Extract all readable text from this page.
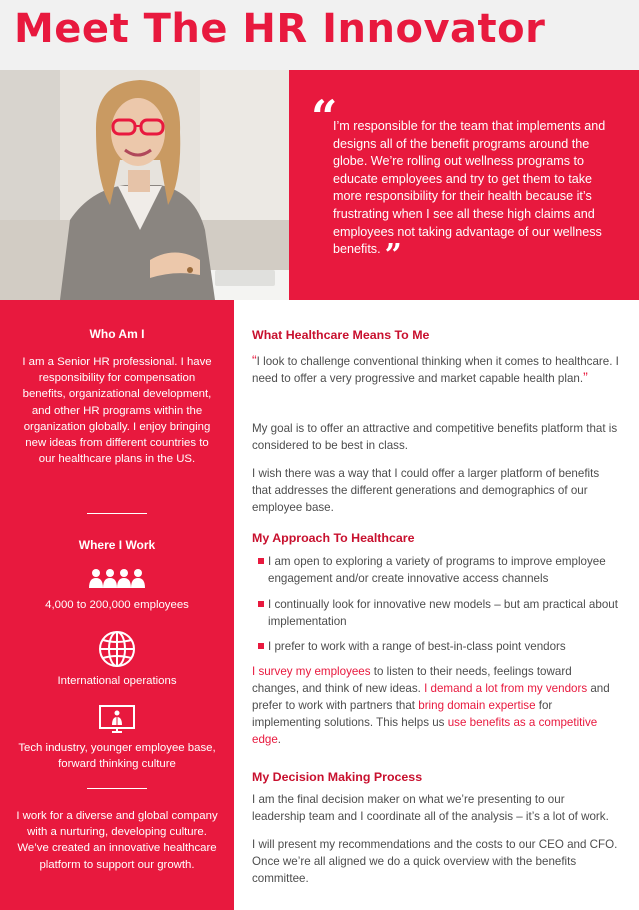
Meet The HR Innovator
“

I’m responsible for the team that implements and designs all of the benefit programs around the globe. We’re rolling out wellness programs to educate employees and try to get them to take more responsibility for their health because it’s frustrating when I see all these high claims and employees not taking advantage of our wellness benefits. ”

Who Am I
I am a Senior HR professional. I have responsibility for compensation benefits, organizational development, and other HR programs within the organization globally. I enjoy bringing new ideas from different countries to our healthcare plans in the US.
Where I Work
4,000 to 200,000 employees
International operations
Tech industry, younger employee base, forward thinking culture
I work for a diverse and global company with a nurturing, developing culture. We’ve created an innovative healthcare platform to support our growth.
What Healthcare Means To Me

“I look to challenge conventional thinking when it comes to healthcare. I need to offer a very progressive and market capable health plan.”

My goal is to offer an attractive and competitive benefits platform that is considered to be best in class.

I wish there was a way that I could offer a larger platform of benefits that addresses the different generations and demographics of our employee base.

My Approach To Healthcare
I am open to exploring a variety of programs to improve employee engagement and/or create innovative access channels
I continually look for innovative new models – but am practical about implementation
I prefer to work with a range of best-in-class point vendors

I survey my employees to listen to their needs, feelings toward changes, and think of new ideas. I demand a lot from my vendors and prefer to work with partners that bring domain expertise for implementing solutions. This helps us use benefits as a competitive edge.

My Decision Making Process

I am the final decision maker on what we’re presenting to our leadership team and I coordinate all of the analysis – it’s a lot of work.

I will present my recommendations and the costs to our CEO and CFO. Once we’re all aligned we do a quick overview with the benefits committee.
